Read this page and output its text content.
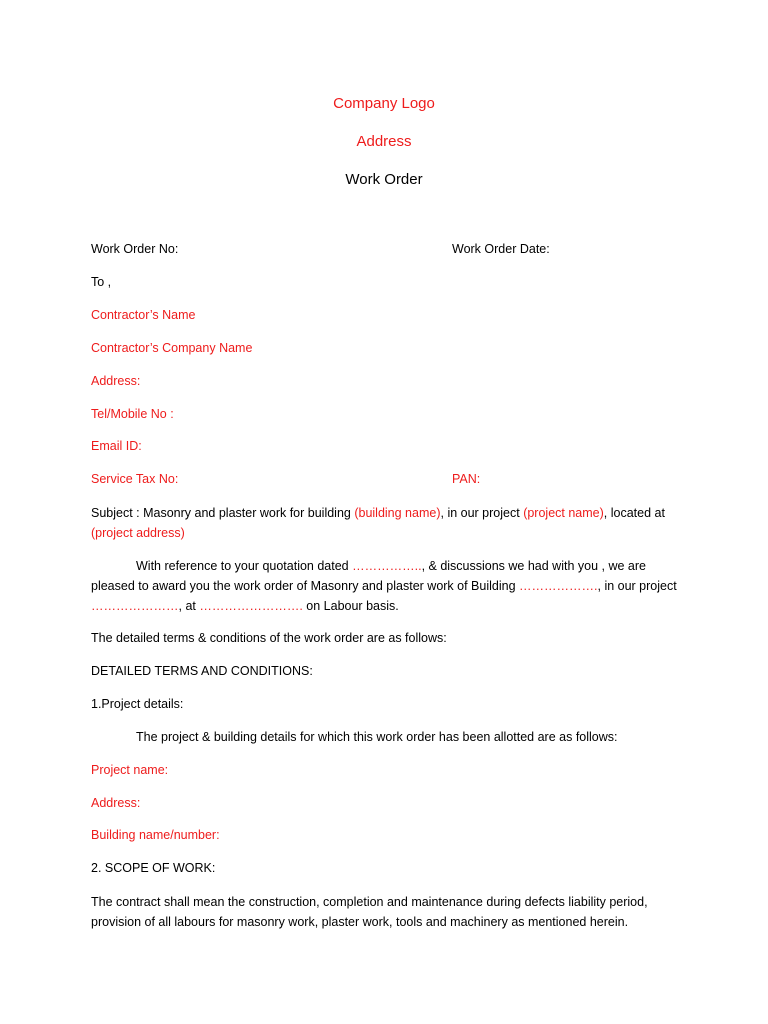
Company Logo
Address
Work Order
Work Order No:	Work Order Date:
To ,
Contractor’s Name
Contractor’s Company Name
Address:
Tel/Mobile No :
Email ID:
Service Tax No:	PAN:
Subject : Masonry and plaster work for building (building name), in our project (project name), located at (project address)
With reference to your quotation dated …………….., & discussions we had with you , we are pleased to award you the work order of Masonry and plaster work of Building ………………., in our project …………………, at ……………………. on Labour basis.
The detailed terms & conditions of the work order are as follows:
DETAILED TERMS AND CONDITIONS:
1.Project details:
The project & building details for which this work order has been allotted are as follows:
Project name:
Address:
Building name/number:
2. SCOPE OF WORK:
The contract shall mean the construction, completion and maintenance during defects liability period, provision of all labours for masonry work, plaster work, tools and machinery as mentioned herein.
